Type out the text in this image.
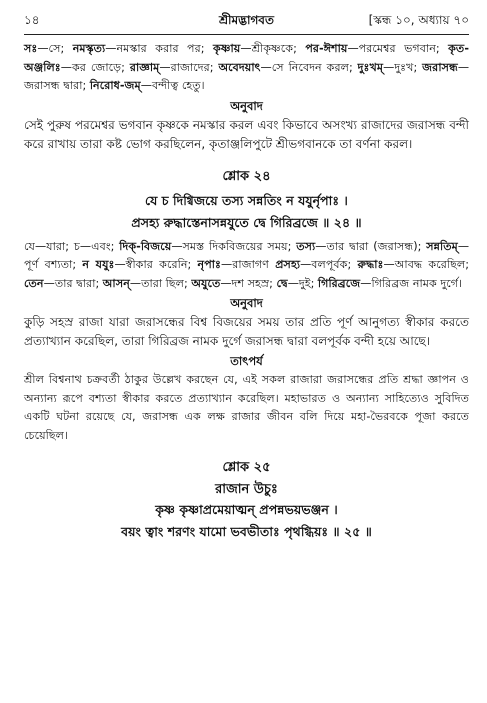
১৪	শ্রীমদ্ভাগবত	[স্কন্ধ ১০, অধ্যায় ৭০

সঃ—সে; নমস্কৃত্য—নমস্কার করার পর; কৃষ্ণায়—শ্রীকৃষ্ণকে; পর-ঈশায়—পরমেশ্বর ভগবান; কৃত-অঞ্জলিঃ—কর জোড়ে; রাজ্ঞাম্—রাজাদের; অবেদয়াৎ—সে নিবেদন করল; দুঃখম্—দুঃখ; জরাসন্ধ—জরাসন্ধ দ্বারা; নিরোধ-জম্—বন্দীত্ব হেতু।

অনুবাদ

সেই পুরুষ পরমেশ্বর ভগবান কৃষ্ণকে নমস্কার করল এবং কিভাবে অসংখ্য রাজাদের জরাসন্ধ বন্দী করে রাখায় তারা কষ্ট ভোগ করছিলেন, কৃতাঞ্জলিপুটে শ্রীভগবানকে তা বর্ণনা করল।

শ্লোক ২৪

যে চ দিগ্বিজয়ে তস্য সন্নতিং ন যযুর্নৃপাঃ ।

প্রসহ্য রুদ্ধাস্তেনাসন্নযুতে দ্বে গিরিব্রজে ॥ ২৪ ॥

যে—যারা; চ—এবং; দিক্-বিজয়ে—সমস্ত দিকবিজয়ের সময়; তস্য—তার দ্বারা (জরাসন্ধ); সন্নতিম্—পূর্ণ বশ্যতা; ন যযুঃ—স্বীকার করেনি; নৃপাঃ—রাজাগণ প্রসহ্য—বলপূর্বক; রুদ্ধাঃ—আবদ্ধ করেছিল; তেন—তার দ্বারা; আসন্—তারা ছিল; অযুতে—দশ সহস্র; দ্বে—দুই; গিরিব্রজে—গিরিব্রজ নামক দুর্গে।

অনুবাদ

কুড়ি সহস্র রাজা যারা জরাসন্ধের বিশ্ব বিজয়ের সময় তার প্রতি পূর্ণ আনুগত্য স্বীকার করতে প্রত্যাখ্যান করেছিল, তারা গিরিব্রজ নামক দুর্গে জরাসন্ধ দ্বারা বলপূর্বক বন্দী হয়ে আছে।

তাৎপর্য

শ্রীল বিশ্বনাথ চক্রবর্তী ঠাকুর উল্লেখ করছেন যে, এই সকল রাজারা জরাসন্ধের প্রতি শ্রদ্ধা জ্ঞাপন ও অন্যান্য রূপে বশ্যতা স্বীকার করতে প্রত্যাখ্যান করেছিল। মহাভারত ও অন্যান্য সাহিত্যেও সুবিদিত একটি ঘটনা রয়েছে যে, জরাসন্ধ এক লক্ষ রাজার জীবন বলি দিয়ে মহা-ভৈরবকে পূজা করতে চেয়েছিল।

শ্লোক ২৫
রাজান উচুঃ

কৃষ্ণ কৃষ্ণাপ্রমেয়াত্মন্ প্রপন্নভয়ভঞ্জন ।

বয়ং ত্বাং শরণং যামো ভবভীতাঃ পৃথগ্ধিয়ঃ ॥ ২৫ ॥
